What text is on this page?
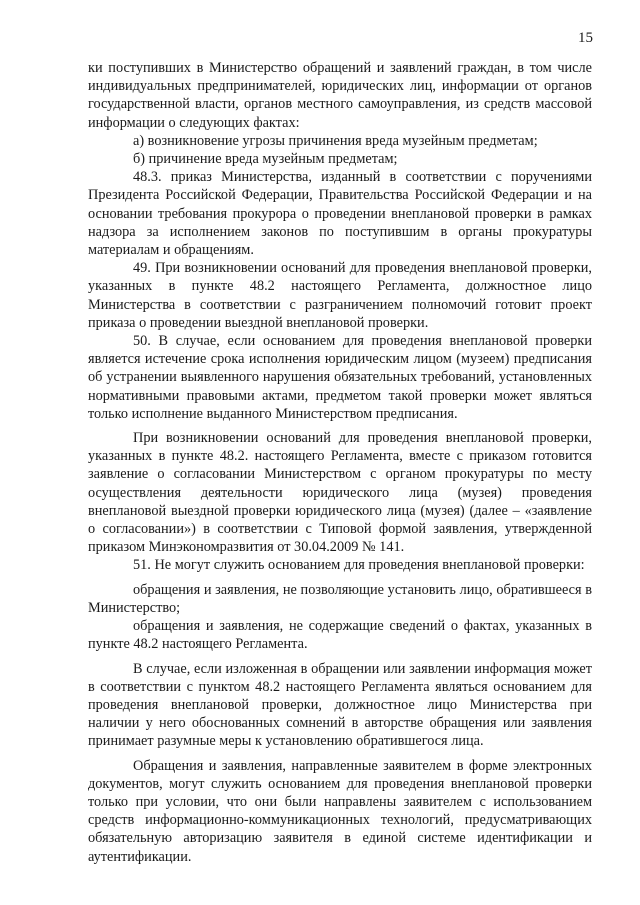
15

ки поступивших в Министерство обращений и заявлений граждан, в том числе индивидуальных предпринимателей, юридических лиц, информации от органов государственной власти, органов местного самоуправления, из средств массовой информации о следующих фактах:

а) возникновение угрозы причинения вреда музейным предметам;

б) причинение вреда музейным предметам;

48.3. приказ Министерства, изданный в соответствии с поручениями Президента Российской Федерации, Правительства Российской Федерации и на основании требования прокурора о проведении внеплановой проверки в рамках надзора за исполнением законов по поступившим в органы прокуратуры материалам и обращениям.

49. При возникновении оснований для проведения внеплановой проверки, указанных в пункте 48.2 настоящего Регламента, должностное лицо Министерства в соответствии с разграничением полномочий готовит проект приказа о проведении выездной внеплановой проверки.

50. В случае, если основанием для проведения внеплановой проверки является истечение срока исполнения юридическим лицом (музеем) предписания об устранении выявленного нарушения обязательных требований, установленных нормативными правовыми актами, предметом такой проверки может являться только исполнение выданного Министерством предписания.

При возникновении оснований для проведения внеплановой проверки, указанных в пункте 48.2. настоящего Регламента, вместе с приказом готовится заявление о согласовании Министерством с органом прокуратуры по месту осуществления деятельности юридического лица (музея) проведения внеплановой выездной проверки юридического лица (музея) (далее – «заявление о согласовании») в соответствии с Типовой формой заявления, утвержденной приказом Минэкономразвития от 30.04.2009 № 141.

51. Не могут служить основанием для проведения внеплановой проверки:

обращения и заявления, не позволяющие установить лицо, обратившееся в Министерство;

обращения и заявления, не содержащие сведений о фактах, указанных в пункте 48.2 настоящего Регламента.

В случае, если изложенная в обращении или заявлении информация может в соответствии с пунктом 48.2 настоящего Регламента являться основанием для проведения внеплановой проверки, должностное лицо Министерства при наличии у него обоснованных сомнений в авторстве обращения или заявления принимает разумные меры к установлению обратившегося лица.

Обращения и заявления, направленные заявителем в форме электронных документов, могут служить основанием для проведения внеплановой проверки только при условии, что они были направлены заявителем с использованием средств информационно-коммуникационных технологий, предусматривающих обязательную авторизацию заявителя в единой системе идентификации и аутентификации.
